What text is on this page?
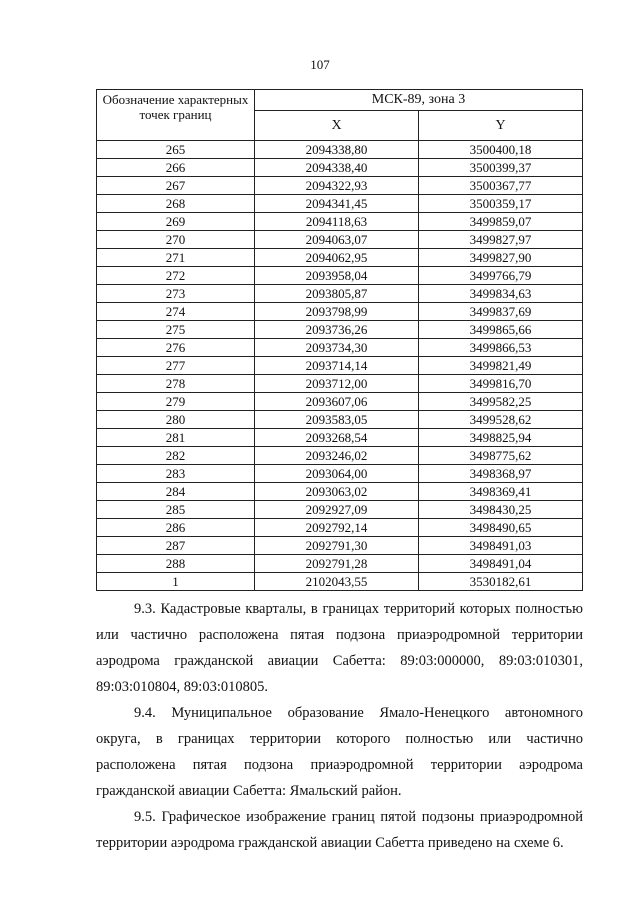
107
Обозначение характерных точек границ	МСК-89, зона 3	
	X	Y
265	2094338,80	3500400,18
266	2094338,40	3500399,37
267	2094322,93	3500367,77
268	2094341,45	3500359,17
269	2094118,63	3499859,07
270	2094063,07	3499827,97
271	2094062,95	3499827,90
272	2093958,04	3499766,79
273	2093805,87	3499834,63
274	2093798,99	3499837,69
275	2093736,26	3499865,66
276	2093734,30	3499866,53
277	2093714,14	3499821,49
278	2093712,00	3499816,70
279	2093607,06	3499582,25
280	2093583,05	3499528,62
281	2093268,54	3498825,94
282	2093246,02	3498775,62
283	2093064,00	3498368,97
284	2093063,02	3498369,41
285	2092927,09	3498430,25
286	2092792,14	3498490,65
287	2092791,30	3498491,03
288	2092791,28	3498491,04
1	2102043,55	3530182,61

9.3. Кадастровые кварталы, в границах территорий которых полностью или частично расположена пятая подзона приаэродромной территории аэродрома гражданской авиации Сабетта: 89:03:000000, 89:03:010301, 89:03:010804, 89:03:010805.

9.4. Муниципальное образование Ямало-Ненецкого автономного округа, в границах территории которого полностью или частично расположена пятая подзона приаэродромной территории аэродрома гражданской авиации Сабетта: Ямальский район.

9.5. Графическое изображение границ пятой подзоны приаэродромной территории аэродрома гражданской авиации Сабетта приведено на схеме 6.
